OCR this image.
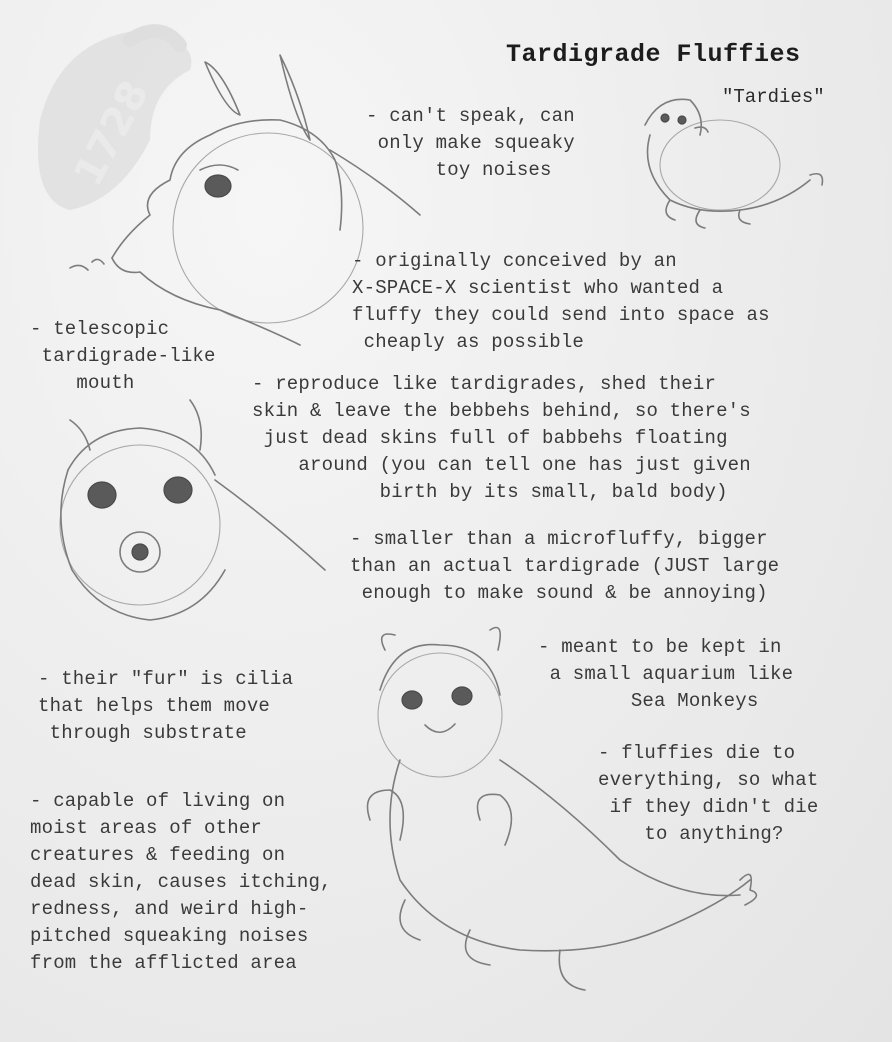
1728
Tardigrade Fluffies
"Tardies"
- can't speak, can
only make squeaky
toy noises
- originally conceived by an
X-SPACE-X scientist who wanted a
fluffy they could send into space as
cheaply as possible
- telescopic
tardigrade-like
mouth	- reproduce like tardigrades, shed their
skin & leave the bebbehs behind, so there's
just dead skins full of babbehs floating
around (you can tell one has just given
birth by its small, bald body)
- smaller than a microfluffy, bigger
than an actual tardigrade (JUST large
enough to make sound & be annoying)
- meant to be kept in
a small aquarium like
Sea Monkeys
- their "fur" is cilia
that helps them move
through substrate
- fluffies die to
everything, so what
if they didn't die
to anything?
- capable of living on
moist areas of other
creatures & feeding on
dead skin, causes itching,
redness, and weird high-
pitched squeaking noises
from the afflicted area
